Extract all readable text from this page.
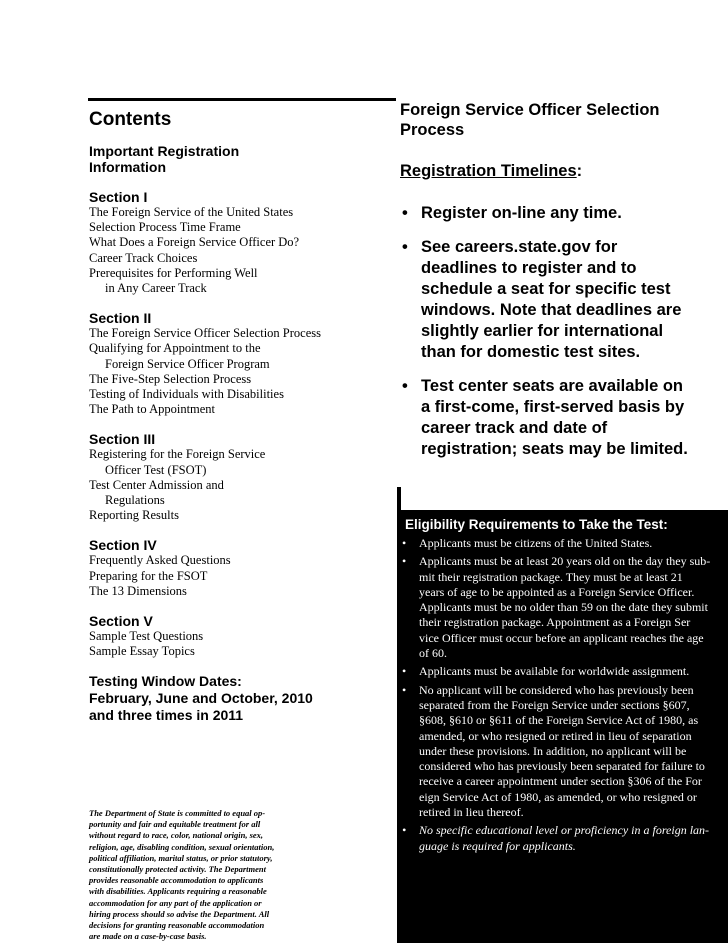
Contents
Important Registration
Information
Section I
The Foreign Service of the United States
Selection Process Time Frame
What Does a Foreign Service Officer Do?
Career Track Choices
Prerequisites for Performing Well
in Any Career Track
Section II
The Foreign Service Officer Selection Process
Qualifying for Appointment to the
Foreign Service Officer Program
The Five-Step Selection Process
Testing of Individuals with Disabilities
The Path to Appointment
Section III
Registering for the Foreign Service
Officer Test (FSOT)
Test Center Admission and
Regulations
Reporting Results
Section IV
Frequently Asked Questions
Preparing for the FSOT
The 13 Dimensions
Section V
Sample Test Questions
Sample Essay Topics
Testing Window Dates:
February, June and October, 2010
and three times in 2011
The Department of State is committed to equal op-
portunity and fair and equitable treatment for all
without regard to race, color, national origin, sex,
religion, age, disabling condition, sexual orientation,
political affiliation, marital status, or prior statutory,
constitutionally protected activity. The Department
provides reasonable accommodation to applicants
with disabilities. Applicants requiring a reasonable
accommodation for any part of the application or
hiring process should so advise the Department. All
decisions for granting reasonable accommodation
are made on a case-by-case basis.
Foreign Service Officer Selection
Process
Registration Timelines:
• Register on-line any time.
• See careers.state.gov for
deadlines to register and to
schedule a seat for specific test
windows. Note that deadlines are
slightly earlier for international
than for domestic test sites.
• Test center seats are available on
a first-come, first-served basis by
career track and date of
registration; seats may be limited.
Eligibility Requirements to Take the Test:
• Applicants must be citizens of the United States.
• Applicants must be at least 20 years old on the day they sub-
mit their registration package. They must be at least 21
years of age to be appointed as a Foreign Service Officer.
Applicants must be no older than 59 on the date they submit
their registration package. Appointment as a Foreign Ser
vice Officer must occur before an applicant reaches the age
of 60.
• Applicants must be available for worldwide assignment.
• No applicant will be considered who has previously been
separated from the Foreign Service under sections §607,
§608, §610 or §611 of the Foreign Service Act of 1980, as
amended, or who resigned or retired in lieu of separation
under these provisions. In addition, no applicant will be
considered who has previously been separated for failure to
receive a career appointment under section §306 of the For
eign Service Act of 1980, as amended, or who resigned or
retired in lieu thereof.
• No specific educational level or proficiency in a foreign lan-
guage is required for applicants.
